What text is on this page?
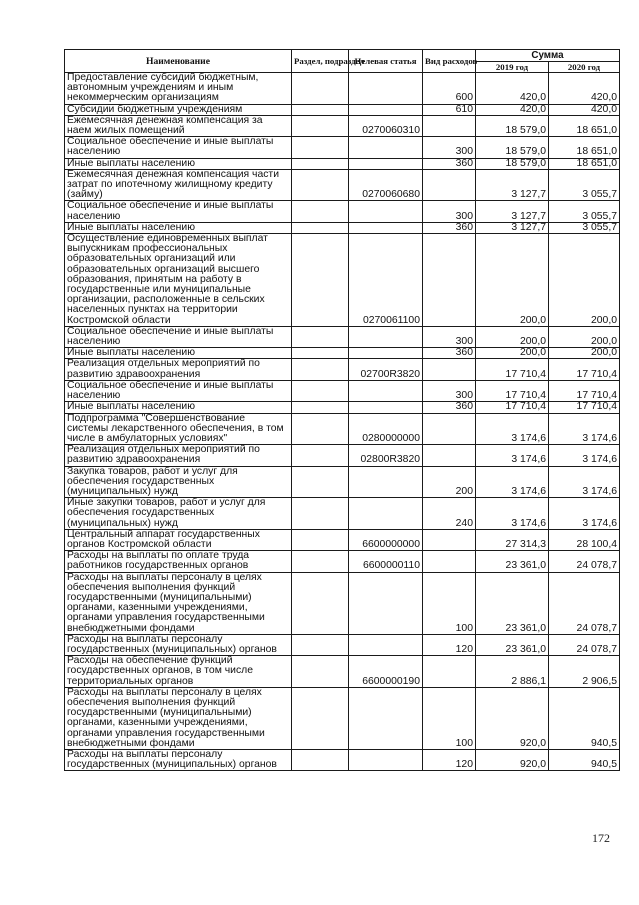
Наименование	Раздел, подраздел	Целевая статья	Вид расходов	Сумма	
				2019 год	2020 год
Предоставление субсидий бюджетным, автономным учреждениям и иным некоммерческим организациям			600	420,0	420,0
Субсидии бюджетным учреждениям			610	420,0	420,0
Ежемесячная денежная компенсация за наем жилых помещений		0270060310		18 579,0	18 651,0
Социальное обеспечение и иные выплаты населению			300	18 579,0	18 651,0
Иные выплаты населению			360	18 579,0	18 651,0
Ежемесячная денежная компенсация части затрат по ипотечному жилищному кредиту (займу)		0270060680		3 127,7	3 055,7
Социальное обеспечение и иные выплаты населению			300	3 127,7	3 055,7
Иные выплаты населению			360	3 127,7	3 055,7
Осуществление единовременных выплат выпускникам профессиональных образовательных организаций или образовательных организаций высшего образования, принятым на работу в государственные или муниципальные организации, расположенные в сельских населенных пунктах на территории Костромской области		0270061100		200,0	200,0
Социальное обеспечение и иные выплаты населению			300	200,0	200,0
Иные выплаты населению			360	200,0	200,0
Реализация отдельных мероприятий по развитию здравоохранения		02700R3820		17 710,4	17 710,4
Социальное обеспечение и иные выплаты населению			300	17 710,4	17 710,4
Иные выплаты населению			360	17 710,4	17 710,4
Подпрограмма "Совершенствование системы лекарственного обеспечения, в том числе в амбулаторных условиях"		0280000000		3 174,6	3 174,6
Реализация отдельных мероприятий по развитию здравоохранения		02800R3820		3 174,6	3 174,6
Закупка товаров, работ и услуг для обеспечения государственных (муниципальных) нужд			200	3 174,6	3 174,6
Иные закупки товаров, работ и услуг для обеспечения государственных (муниципальных) нужд			240	3 174,6	3 174,6
Центральный аппарат государственных органов Костромской области		6600000000		27 314,3	28 100,4
Расходы на выплаты по оплате труда работников государственных органов		6600000110		23 361,0	24 078,7
Расходы на выплаты персоналу в целях обеспечения выполнения функций государственными (муниципальными) органами, казенными учреждениями, органами управления государственными внебюджетными фондами			100	23 361,0	24 078,7
Расходы на выплаты персоналу государственных (муниципальных) органов			120	23 361,0	24 078,7
Расходы на обеспечение функций государственных органов, в том числе территориальных органов		6600000190		2 886,1	2 906,5
Расходы на выплаты персоналу в целях обеспечения выполнения функций государственными (муниципальными) органами, казенными учреждениями, органами управления государственными внебюджетными фондами			100	920,0	940,5
Расходы на выплаты персоналу государственных (муниципальных) органов			120	920,0	940,5
172
